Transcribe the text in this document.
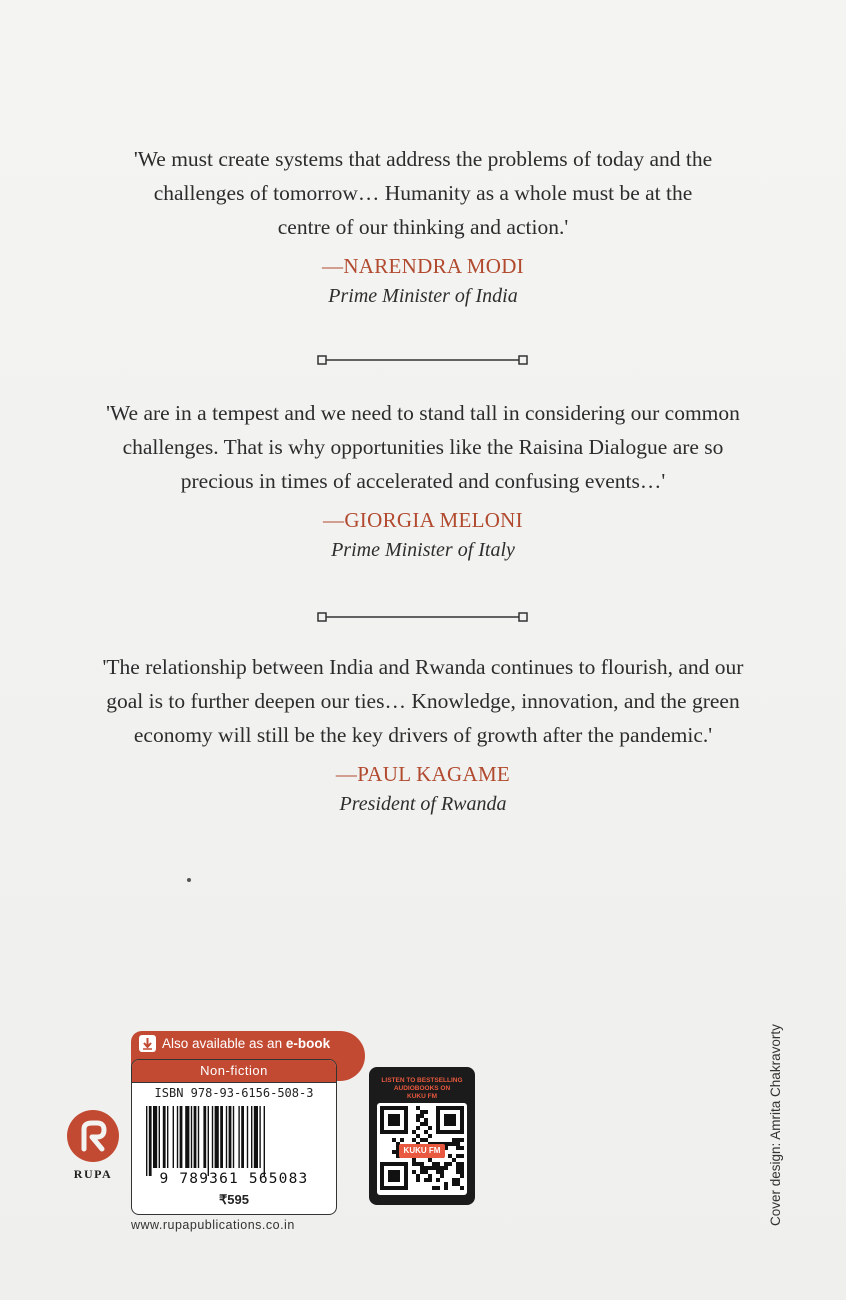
'We must create systems that address the problems of today and the
challenges of tomorrow… Humanity as a whole must be at the
centre of our thinking and action.'
—NARENDRA MODI
Prime Minister of India
'We are in a tempest and we need to stand tall in considering our common
challenges. That is why opportunities like the Raisina Dialogue are so
precious in times of accelerated and confusing events…'
—GIORGIA MELONI
Prime Minister of Italy
'The relationship between India and Rwanda continues to flourish, and our
goal is to further deepen our ties… Knowledge, innovation, and the green
economy will still be the key drivers of growth after the pandemic.'
—PAUL KAGAME
President of Rwanda
Also available as an e-book
Non-fiction
ISBN 978-93-6156-508-3
9 789361 565083
₹595
www.rupapublications.co.in
RUPA
LISTEN TO BESTSELLING
AUDIOBOOKS ON
KUKU FM
KUKU FM	Cover design: Amrita Chakravorty
